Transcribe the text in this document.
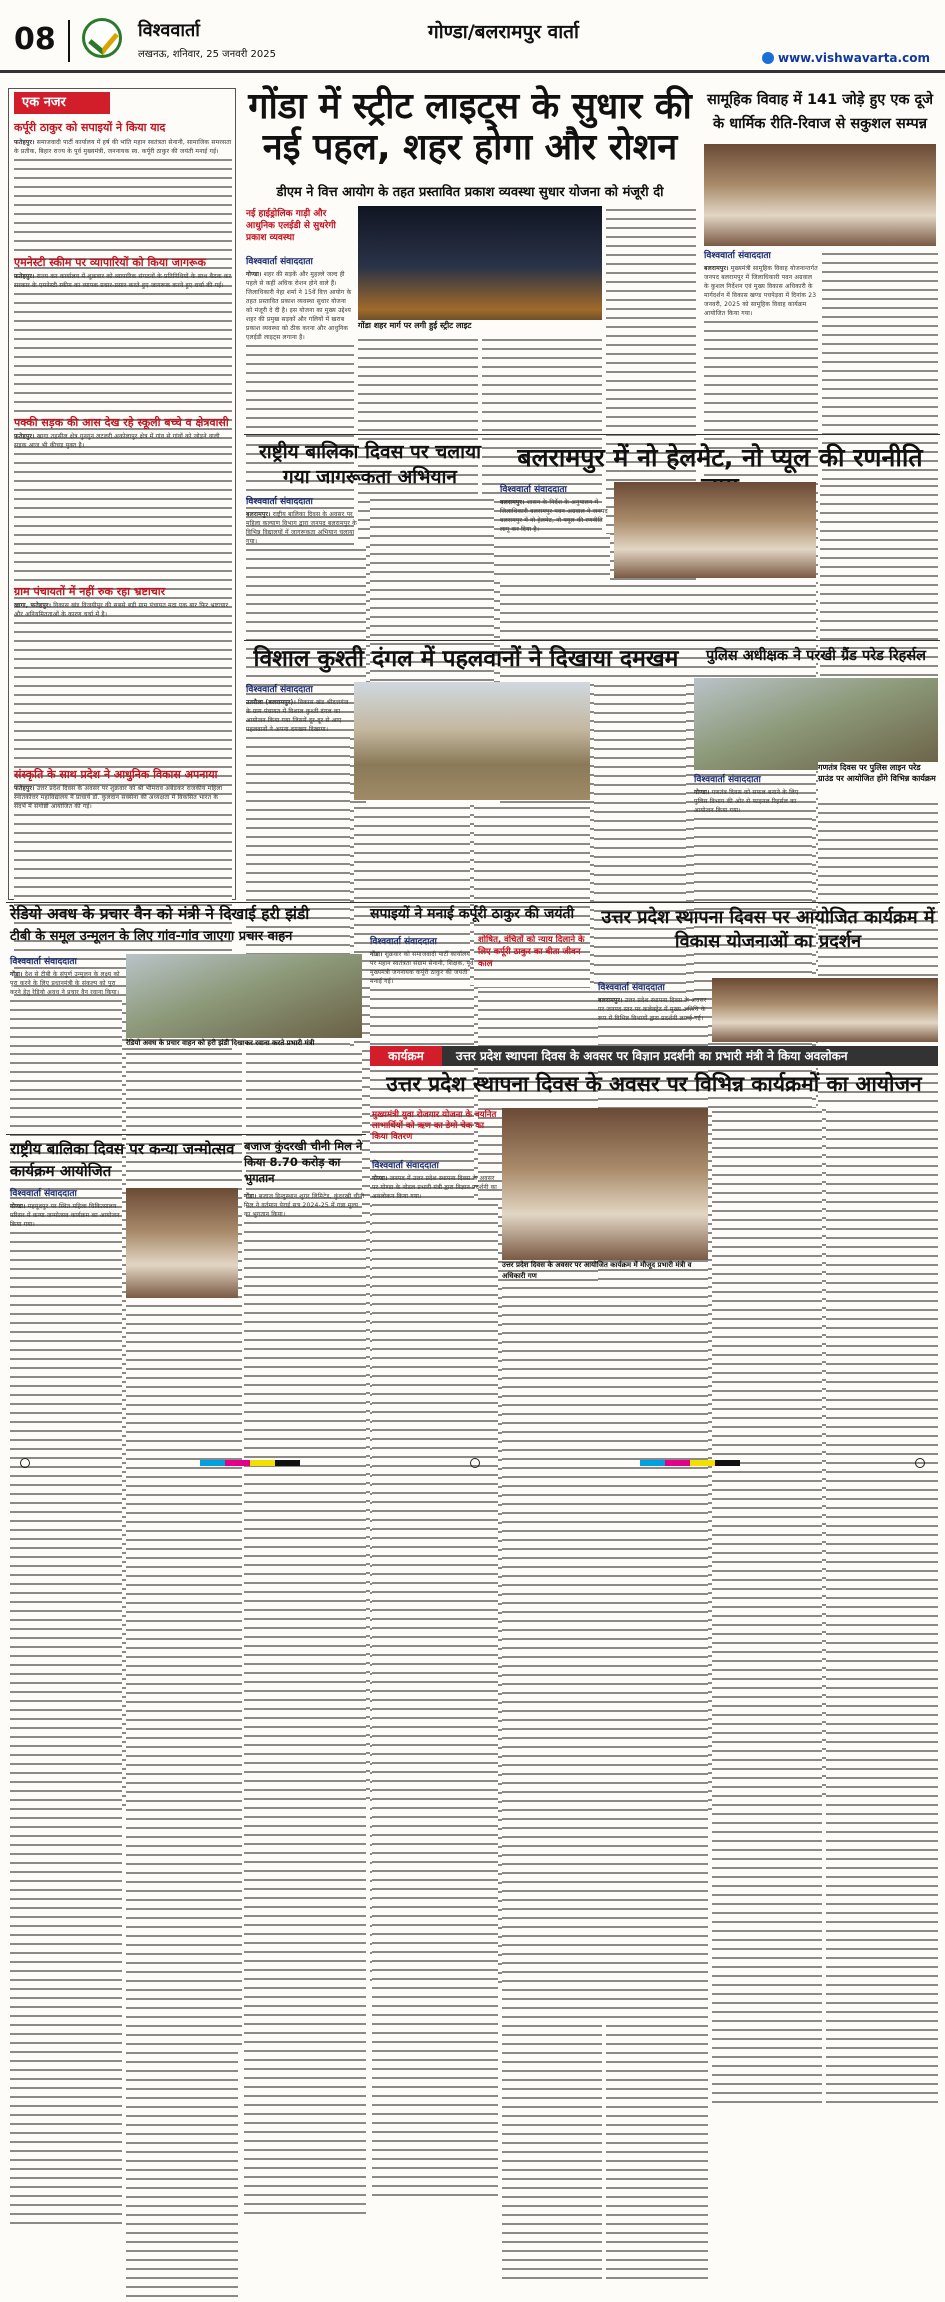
08	विश्ववार्ता
लखनऊ, शनिवार, 25 जनवरी 2025
गोण्डा/बलरामपुर वार्ता
www.vishwavarta.com
एक नजर
कर्पूरी ठाकुर को सपाइयों ने किया याद
फतेहपुर। समाजवादी पार्टी कार्यालय में हर्ष की भांति महान स्वतंत्रता सेनानी, सामाजिक समरसता के प्रतीक, बिहार राज्य के पूर्व मुख्यमंत्री, जननायक स्व. कर्पूरी ठाकुर की जयंती मनाई गई।
एमनेस्टी स्कीम पर व्यापारियों को किया जागरूक
फतेहपुर। राज्य कर कार्यालय में शुक्रवार को व्यापारिक संगठनों के प्रतिनिधियों के साथ बैठक कर सरकार के एमनेस्टी स्कीम का व्यापक प्रचार-प्रसार करते हुए जागरूक करने हुए चर्चा की गई।
पक्की सड़क की आस देख रहे स्कूली बच्चे व क्षेत्रवासी
फतेहपुर। खागा तहसील क्षेत्र गुनगुन लटलरी अकोलापुर क्षेत्र में गांव से गांवों को जोड़ने वाली सड़क आज भी कीचड़ युक्त है।
ग्राम पंचायतों में नहीं रुक रहा भ्रष्टाचार
खागा, फतेहपुर। विकास खंड विजयीपुर की सबसे बड़ी ग्राम पंचायत मदा एक बार फिर भ्रष्टाचार और अनियमितताओं के कारण चर्चा में है।
संस्कृति के साथ प्रदेश ने आधुनिक विकास अपनाया
फतेहपुर। उत्तर प्रदेश दिवस के अवसर पर शुक्रवार को श्री भीमराव अंबेडकर राजकीय महिला स्नातकोत्तर महाविद्यालय में प्राचार्य डॉ. कुलदान सक्सेना की अध्यक्षता में विकसित भारत के संदर्भ में संगोष्ठी आयोजित की गई।
गोंडा में स्ट्रीट लाइट्स के सुधार की नई पहल, शहर होगा और रोशन
डीएम ने वित्त आयोग के तहत प्रस्तावित प्रकाश व्यवस्था सुधार योजना को मंजूरी दी
नई हाईड्रोलिक गाड़ी और आधुनिक एलईडी से सुधरेगी प्रकाश व्यवस्था
गोंडा शहर मार्ग पर लगी हुई स्ट्रीट लाइट
विश्ववार्ता संवाददाता
गोण्डा। शहर की सड़कें और मुहल्ले जल्द ही पहले से कहीं अधिक रोशन होने वाले हैं। जिलाधिकारी नेहा शर्मा ने 15वें वित्त आयोग के तहत प्रस्तावित प्रकाश व्यवस्था सुधार योजना को मंजूरी दे दी है। इस योजना का मुख्य उद्देश्य शहर की प्रमुख सड़कों और गलियों में खराब प्रकाश व्यवस्था को ठीक करना और आधुनिक एलईडी लाइट्स लगाना है।
सामूहिक विवाह में 141 जोड़े हुए एक दूजे के धार्मिक रीति-रिवाज से सकुशल सम्पन्न
विश्ववार्ता संवाददाता
बलरामपुर। मुख्यमंत्री सामूहिक विवाह योजनान्तर्गत जनपद बलरामपुर में जिलाधिकारी पवन अग्रवाल के कुशल निर्देशन एवं मुख्य विकास अधिकारी के मार्गदर्शन में विकास खण्ड पचपेड़वा में दिनांक 23 जनवरी, 2025 को सामूहिक विवाह कार्यक्रम आयोजित किया गया।
राष्ट्रीय बालिका दिवस पर चलाया गया जागरूकता अभियान
विश्ववार्ता संवाददाता
बलरामपुर। राष्ट्रीय बालिका दिवस के अवसर पर महिला कल्याण विभाग द्वारा जनपद बलरामपुर के विभिन्न विद्यालयों में जागरूकता अभियान चलाया गया।
बलरामपुर में नो हेलमेट, नो प्यूल की रणनीति
विश्ववार्ता संवाददाता
बलरामपुर। शासन के निर्देश के अनुपालन में जिलाधिकारी बलरामपुर पवन अग्रवाल ने जनपद बलरामपुर में नो हेलमेट, नो फ्यूल की रणनीति लागू कर दिया है।
विशाल कुश्ती दंगल में पहलवानों ने दिखाया दमखम
विश्ववार्ता संवाददाता
उतरौला (बलरामपुर)। विकास खंड श्रीदत्तगंज के ग्राम पंचायत में विशाल कुश्ती दंगल का आयोजन किया गया जिसमें दूर-दूर से आए पहलवानों ने अपना दमखम दिखाया।
पुलिस अधीक्षक ने परखी ग्रैंड परेड रिहर्सल
गणतंत्र दिवस पर पुलिस लाइन परेड ग्राउंड पर आयोजित होंगे विभिन्न कार्यक्रम
विश्ववार्ता संवाददाता
गोण्डा। गणतंत्र दिवस को सफल बनाने के लिए पुलिस विभाग की ओर से फाइनल रिहर्सल का आयोजन किया गया।
रेडियो अवध के प्रचार वैन को मंत्री ने दिखाई हरी झंडी
टीबी के समूल उन्मूलन के लिए गांव-गांव जाएगा प्रचार वाहन
विश्ववार्ता संवाददाता
गोंडा। देश से टीबी के संपूर्ण उन्मूलन के लक्ष्य को पूरा करने के लिए प्रधानमंत्री के संकल्प को पूरा करने हेतु रेडियो अवध ने प्रचार वैन रवाना किया।
रेडियो अवध के प्रचार वाहन को हरी झंडी दिखाकर रवाना करते प्रभारी मंत्री
सपाइयों ने मनाई कर्पूरी ठाकुर की जयंती
विश्ववार्ता संवाददाता	शोषित, वंचितों को न्याय दिलाने के लिए कर्पूरी ठाकुर का बीता जीवन काल
गोंडा। शुक्रवार को समाजवादी पार्टी कार्यालय पर महान स्वतंत्रता संग्राम सेनानी, शिक्षक, पूर्व मुख्यमंत्री जननायक कर्पूरी ठाकुर की जयंती मनाई गई।
उत्तर प्रदेश स्थापना दिवस पर आयोजित कार्यक्रम में विकास योजनाओं का प्रदर्शन
विश्ववार्ता संवाददाता
बलरामपुर। उत्तर प्रदेश स्थापना दिवस के अवसर पर जनपद स्तर पर कलेक्ट्रेट में मुख्य अतिथि के रूप में विभिन्न विभागों द्वारा प्रदर्शनी लगाई गई।
राष्ट्रीय बालिका दिवस पर कन्या जन्मोत्सव कार्यक्रम आयोजित
विश्ववार्ता संवाददाता
गोण्डा। महमूदपुर पर स्थित महिला चिकित्सालय परिसर में कन्या जन्मोत्सव कार्यक्रम का आयोजन किया गया।
बजाज कुंदरखी चीनी मिल ने किया 8.70 करोड़ का भुगतान
गोंडा। बजाज हिन्दुस्थान शुगर लिमिटेड, कुंदरखी चीनी मिल ने वर्तमान पेराई सत्र 2024-25 में गन्ना मूल्य का भुगतान किया।
उत्तर प्रदेश स्थापना दिवस के अवसर पर विज्ञान प्रदर्शनी का प्रभारी मंत्री ने किया अवलोकन
कार्यक्रम
उत्तर प्रदेश स्थापना दिवस के अवसर पर विभिन्न कार्यक्रमों का आयोजन
मुख्यमंत्री युवा रोजगार योजना के वयनित लाभार्थियों को ऋण का डेमो चेक का किया वितरण
विश्ववार्ता संवाददाता
गोण्डा। जनपद में उत्तर प्रदेश स्थापना दिवस के अवसर पर गोण्डा के नोडल प्रभारी मंत्री द्वारा विज्ञान प्रदर्शनी का अवलोकन किया गया।
उत्तर प्रदेश दिवस के अवसर पर आयोजित कार्यक्रम में मौजूद प्रभारी मंत्री व अधिकारी गण
